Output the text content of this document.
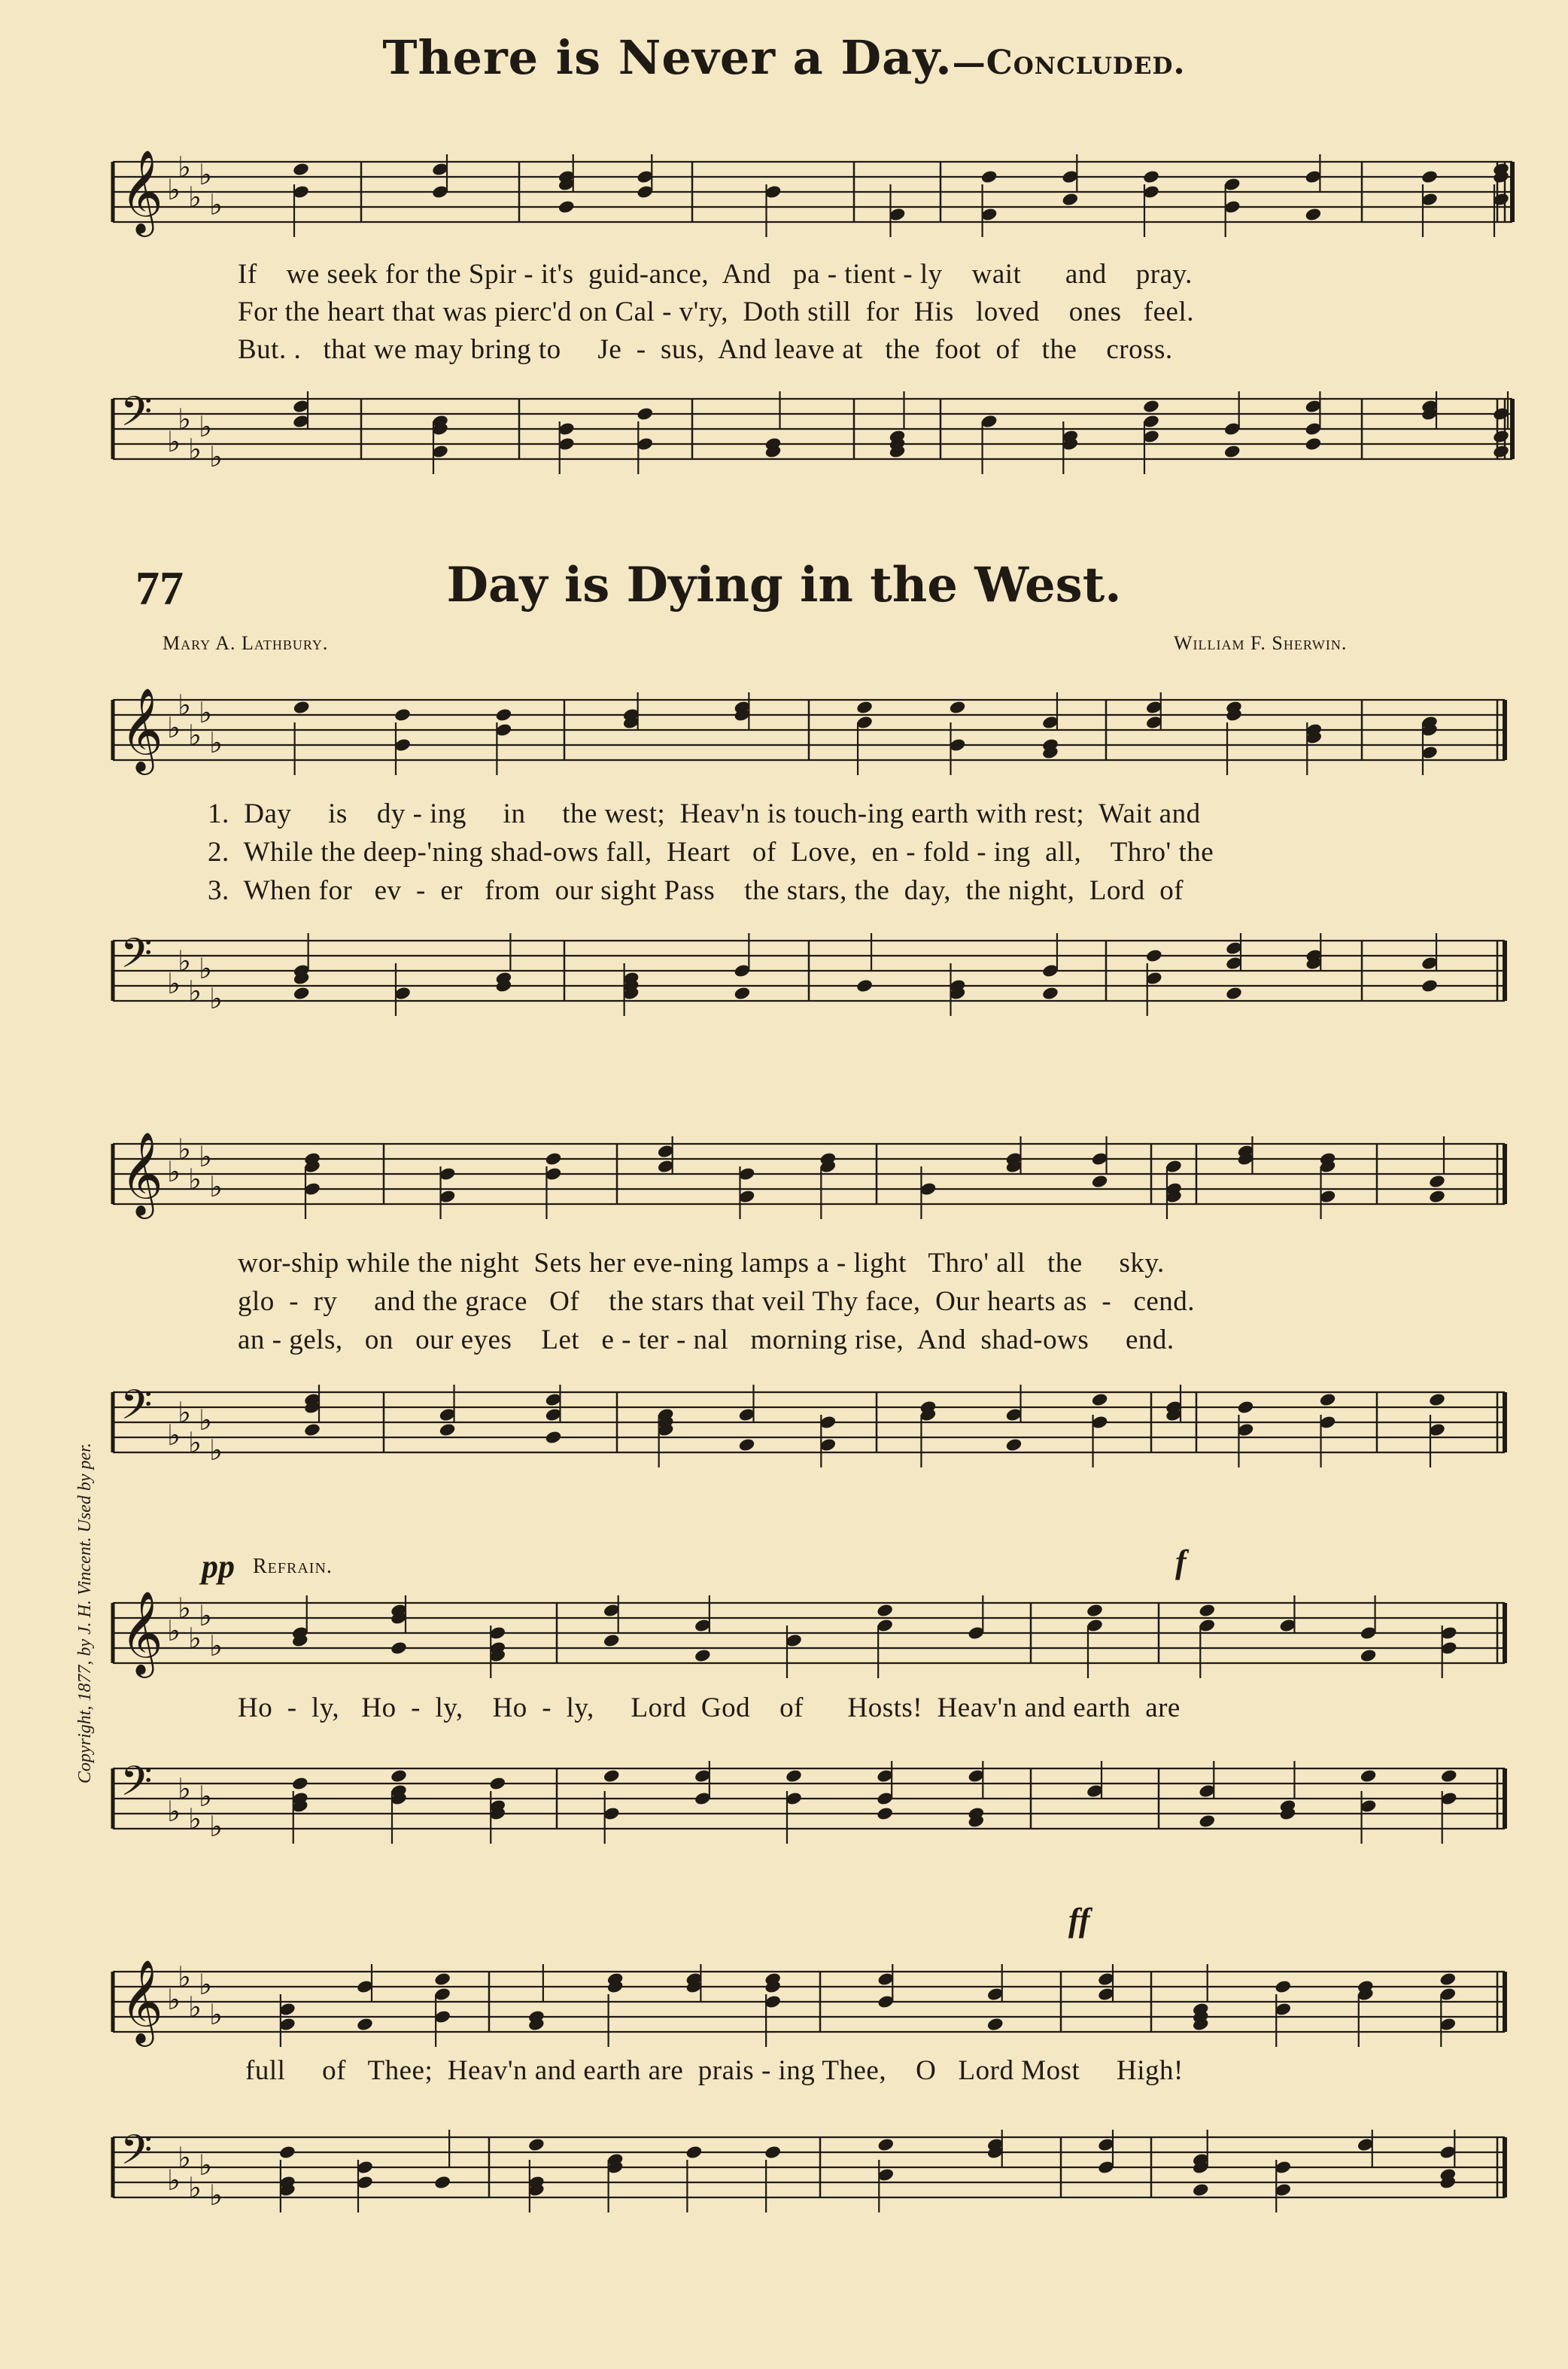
There is Never a Day.—Concluded.
𝄞 ♭
♭
♭
♭
♭
If    we seek for the Spir - it's  guid-ance,  And   pa - tient - ly    wait      and    pray.
For the heart that was pierc'd on Cal - v'ry,  Doth still  for  His   loved    ones   feel.
But. .   that we may bring to     Je  -  sus,  And leave at   the  foot  of   the    cross.
𝄢 ♭
♭
♭
♭
♭
77	Day is Dying in the West.
Mary A. Lathbury.	William F. Sherwin.
𝄞 ♭
♭
♭
♭
♭
1.  Day     is    dy - ing     in     the west;  Heav'n is touch-ing earth with rest;  Wait and
2.  While the deep-'ning shad-ows fall,  Heart   of  Love,  en - fold - ing  all,    Thro' the
3.  When for   ev  -  er   from  our sight Pass    the stars, the  day,  the night,  Lord  of
𝄢 ♭
♭
♭
♭
♭
𝄞 ♭
♭
♭
♭
♭
wor-ship while the night  Sets her eve-ning lamps a - light   Thro' all   the     sky.
glo  -  ry     and the grace   Of    the stars that veil Thy face,  Our hearts as  -   cend.
an - gels,   on   our eyes    Let   e - ter - nal   morning rise,  And  shad-ows     end.
𝄢 ♭
♭
♭
♭
♭
pp Refrain.	f
𝄞 ♭
♭
♭
♭
♭
Ho  -  ly,   Ho  -  ly,    Ho  -  ly,     Lord  God    of      Hosts!  Heav'n and earth  are
𝄢 ♭
♭
♭
♭
♭
ff
𝄞 ♭
♭
♭
♭
♭
full     of   Thee;  Heav'n and earth are  prais - ing Thee,    O   Lord Most     High!
𝄢 ♭
♭
♭
♭
♭
Copyright, 1877, by J. H. Vincent. Used by per.
